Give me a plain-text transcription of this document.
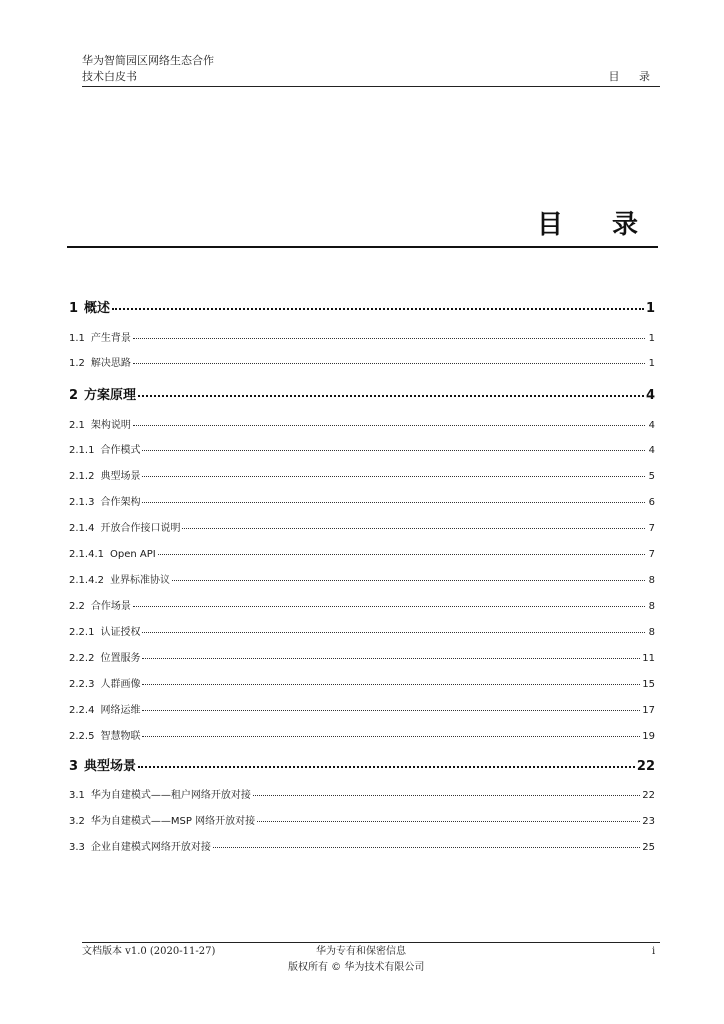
华为智简园区网络生态合作
技术白皮书	目 录
目 录
1 概述	1
1.1 产生背景	1
1.2 解决思路	1
2 方案原理	4
2.1 架构说明	4
2.1.1 合作模式	4
2.1.2 典型场景	5
2.1.3 合作架构	6
2.1.4 开放合作接口说明	7
2.1.4.1 Open API	7
2.1.4.2 业界标准协议	8
2.2 合作场景	8
2.2.1 认证授权	8
2.2.2 位置服务	11
2.2.3 人群画像	15
2.2.4 网络运维	17
2.2.5 智慧物联	19
3 典型场景	22
3.1 华为自建模式——租户网络开放对接	22
3.2 华为自建模式——MSP 网络开放对接	23
3.3 企业自建模式网络开放对接	25
文档版本 v1.0 (2020-11-27)	华为专有和保密信息	i
版权所有 © 华为技术有限公司
